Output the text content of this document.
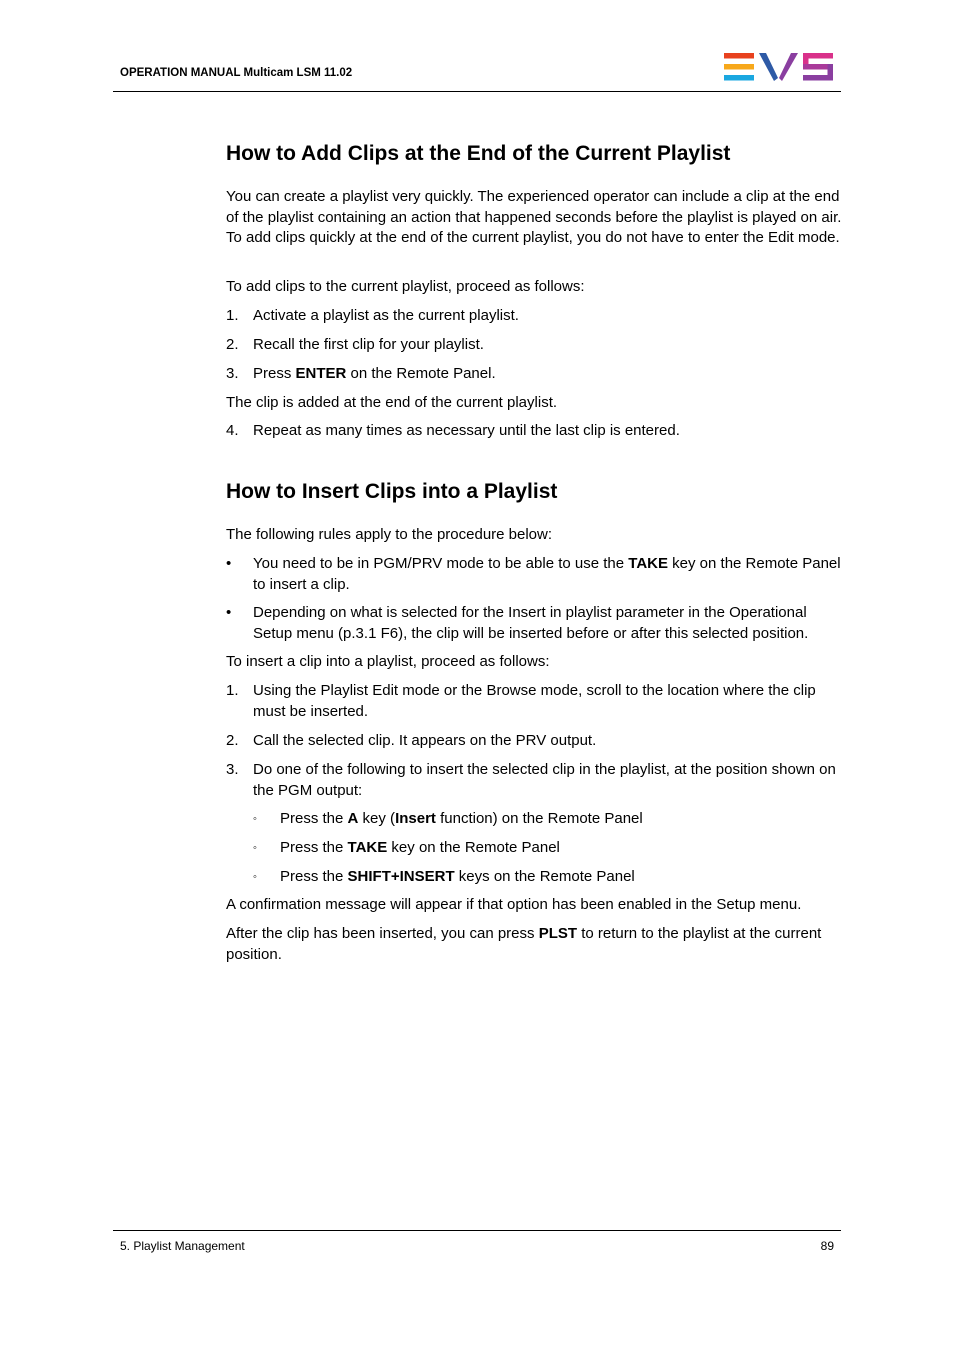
OPERATION MANUAL Multicam LSM 11.02
How to Add Clips at the End of the Current Playlist

You can create a playlist very quickly. The experienced operator can include a clip at the end of the playlist containing an action that happened seconds before the playlist is played on air. To add clips quickly at the end of the current playlist, you do not have to enter the Edit mode.

To add clips to the current playlist, proceed as follows:

1. Activate a playlist as the current playlist.
2. Recall the first clip for your playlist.
3. Press ENTER on the Remote Panel.

The clip is added at the end of the current playlist.

4. Repeat as many times as necessary until the last clip is entered.
How to Insert Clips into a Playlist

The following rules apply to the procedure below:

• You need to be in PGM/PRV mode to be able to use the TAKE key on the Remote Panel to insert a clip.
• Depending on what is selected for the Insert in playlist parameter in the Operational Setup menu (p.3.1 F6), the clip will be inserted before or after this selected position.

To insert a clip into a playlist, proceed as follows:

1. Using the Playlist Edit mode or the Browse mode, scroll to the location where the clip must be inserted.
2. Call the selected clip. It appears on the PRV output.
3. Do one of the following to insert the selected clip in the playlist, at the position shown on the PGM output:
◦ Press the A key (Insert function) on the Remote Panel
◦ Press the TAKE key on the Remote Panel
◦ Press the SHIFT+INSERT keys on the Remote Panel

A confirmation message will appear if that option has been enabled in the Setup menu.

After the clip has been inserted, you can press PLST to return to the playlist at the current position.

5. Playlist Management	89
